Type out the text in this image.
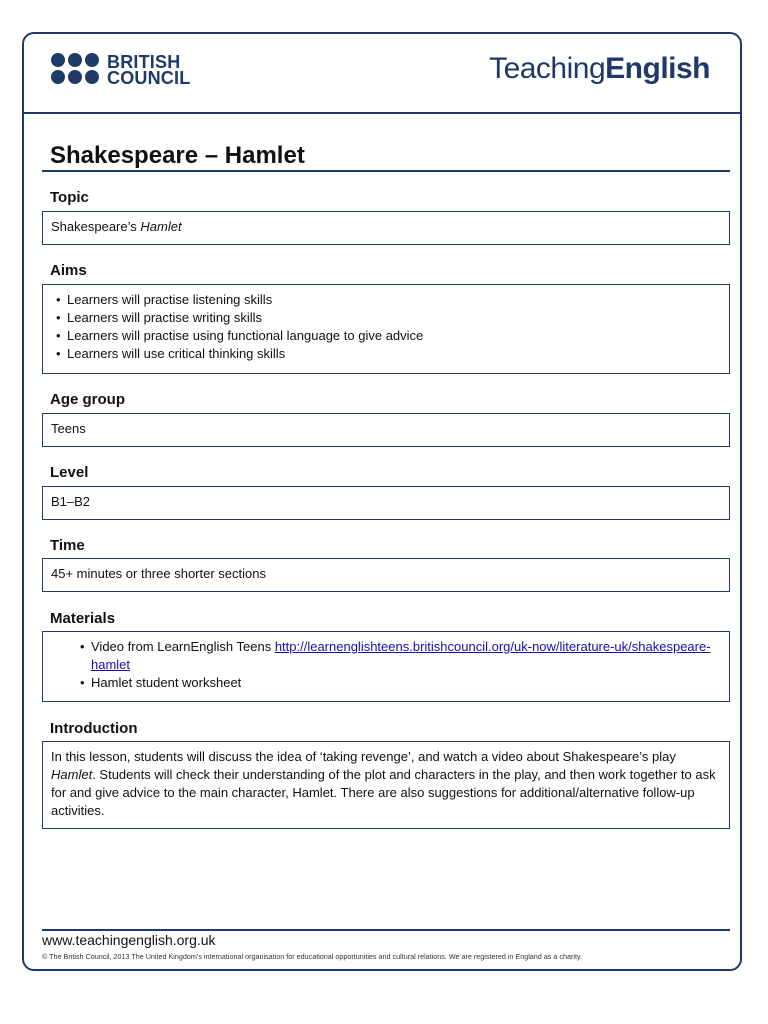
BRITISH
COUNCIL	TeachingEnglish
Shakespeare – Hamlet
Topic
Shakespeare’s Hamlet
Aims
• Learners will practise listening skills
• Learners will practise writing skills
• Learners will practise using functional language to give advice
• Learners will use critical thinking skills
Age group
Teens
Level
B1–B2
Time
45+ minutes or three shorter sections
Materials
• Video from LearnEnglish Teens http://learnenglishteens.britishcouncil.org/uk-now/literature-uk/shakespeare-hamlet
• Hamlet student worksheet
Introduction
In this lesson, students will discuss the idea of ‘taking revenge’, and watch a video about Shakespeare’s play Hamlet. Students will check their understanding of the plot and characters in the play, and then work together to ask for and give advice to the main character, Hamlet. There are also suggestions for additional/alternative follow-up activities.
www.teachingenglish.org.uk
© The British Council, 2013 The United Kingdom’s international organisation for educational opportunities and cultural relations. We are registered in England as a charity.
